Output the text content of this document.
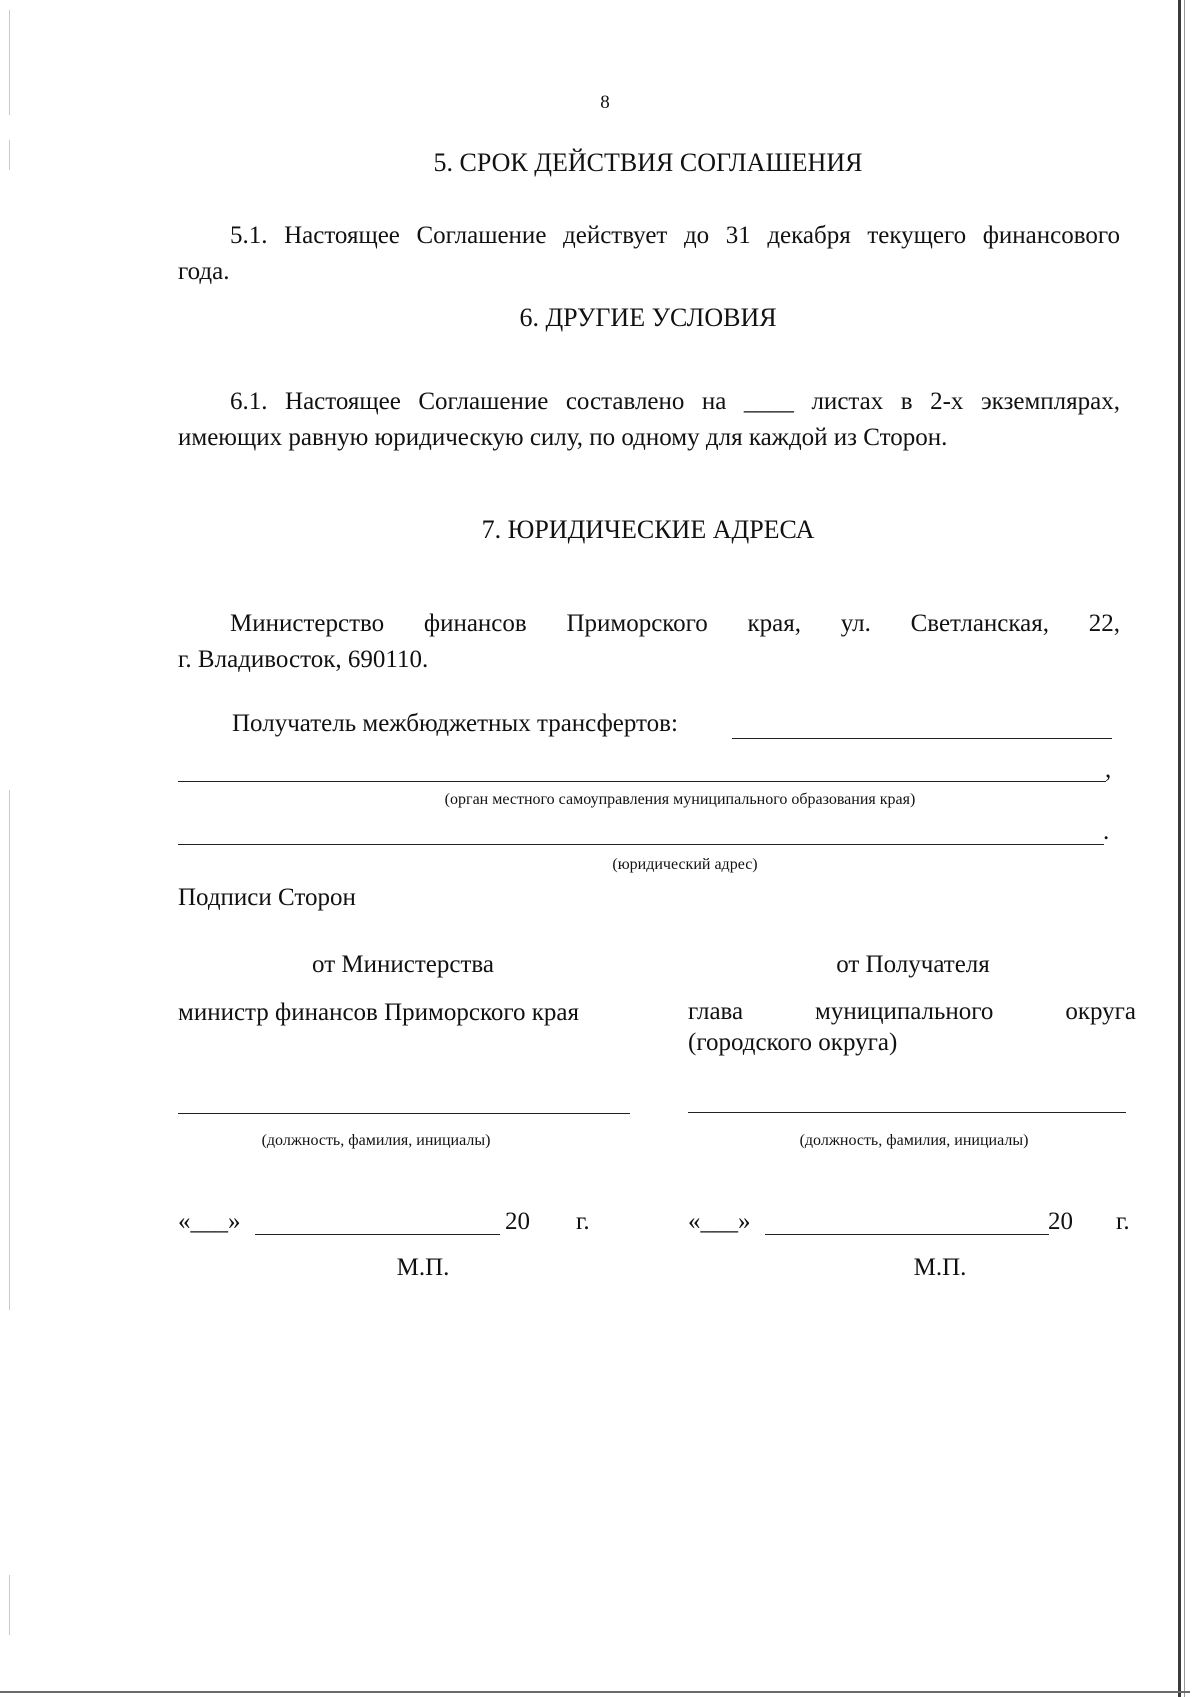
8
5. СРОК ДЕЙСТВИЯ СОГЛАШЕНИЯ
5.1. Настоящее Соглашение действует до 31 декабря текущего финансового
года.
6. ДРУГИЕ УСЛОВИЯ
6.1. Настоящее Соглашение составлено на ____ листах в 2-х экземплярах,
имеющих равную юридическую силу, по одному для каждой из Сторон.
7. ЮРИДИЧЕСКИЕ АДРЕСА
Министерство финансов Приморского края, ул. Светланская, 22,
г. Владивосток, 690110.
Получатель межбюджетных трансфертов:
,
(орган местного самоуправления муниципального образования края)
.
(юридический адрес)
Подписи Сторон
от Министерства
министр финансов Приморского края
(должность, фамилия, инициалы)
«___»	20 г.
М.П.
от Получателя
глава муниципального округа
(городского округа)
(должность, фамилия, инициалы)
«___»	20 г.
М.П.
